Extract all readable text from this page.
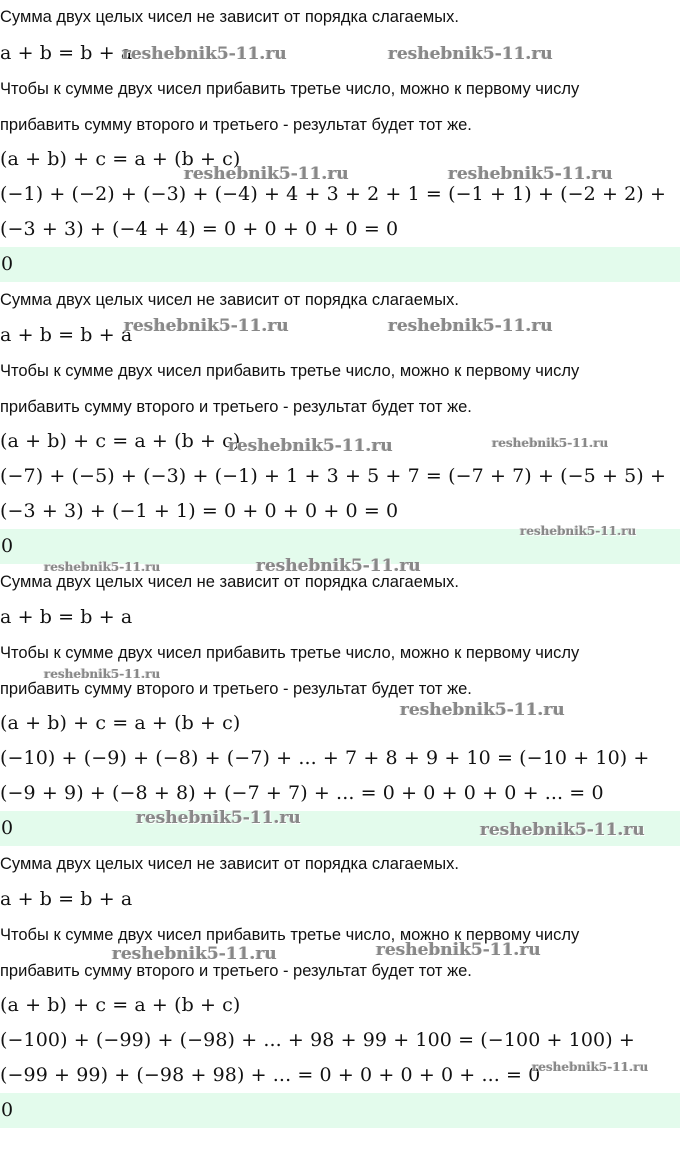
Сумма двух целых чисел не зависит от порядка слагаемых.
a + b = b + a
Чтобы к сумме двух чисел прибавить третье число, можно к первому числу
прибавить сумму второго и третьего - результат будет тот же.
(a + b) + c = a + (b + c)
(−1) + (−2) + (−3) + (−4) + 4 + 3 + 2 + 1 = (−1 + 1) + (−2 + 2) +
(−3 + 3) + (−4 + 4) = 0 + 0 + 0 + 0 = 0
0
Сумма двух целых чисел не зависит от порядка слагаемых.
a + b = b + a
Чтобы к сумме двух чисел прибавить третье число, можно к первому числу
прибавить сумму второго и третьего - результат будет тот же.
(a + b) + c = a + (b + c)
(−7) + (−5) + (−3) + (−1) + 1 + 3 + 5 + 7 = (−7 + 7) + (−5 + 5) +
(−3 + 3) + (−1 + 1) = 0 + 0 + 0 + 0 = 0
0
Сумма двух целых чисел не зависит от порядка слагаемых.
a + b = b + a
Чтобы к сумме двух чисел прибавить третье число, можно к первому числу
прибавить сумму второго и третьего - результат будет тот же.
(a + b) + c = a + (b + c)
(−10) + (−9) + (−8) + (−7) + ... + 7 + 8 + 9 + 10 = (−10 + 10) +
(−9 + 9) + (−8 + 8) + (−7 + 7) + ... = 0 + 0 + 0 + 0 + ... = 0
0
Сумма двух целых чисел не зависит от порядка слагаемых.
a + b = b + a
Чтобы к сумме двух чисел прибавить третье число, можно к первому числу
прибавить сумму второго и третьего - результат будет тот же.
(a + b) + c = a + (b + c)
(−100) + (−99) + (−98) + ... + 98 + 99 + 100 = (−100 + 100) +
(−99 + 99) + (−98 + 98) + ... = 0 + 0 + 0 + 0 + ... = 0
0
reshebnik5-11.ru	reshebnik5-11.ru
reshebnik5-11.ru	reshebnik5-11.ru
reshebnik5-11.ru	reshebnik5-11.ru
reshebnik5-11.ru	reshebnik5-11.ru
reshebnik5-11.ru
reshebnik5-11.ru	reshebnik5-11.ru
reshebnik5-11.ru
reshebnik5-11.ru
reshebnik5-11.ru
reshebnik5-11.ru
reshebnik5-11.ru	reshebnik5-11.ru
reshebnik5-11.ru
